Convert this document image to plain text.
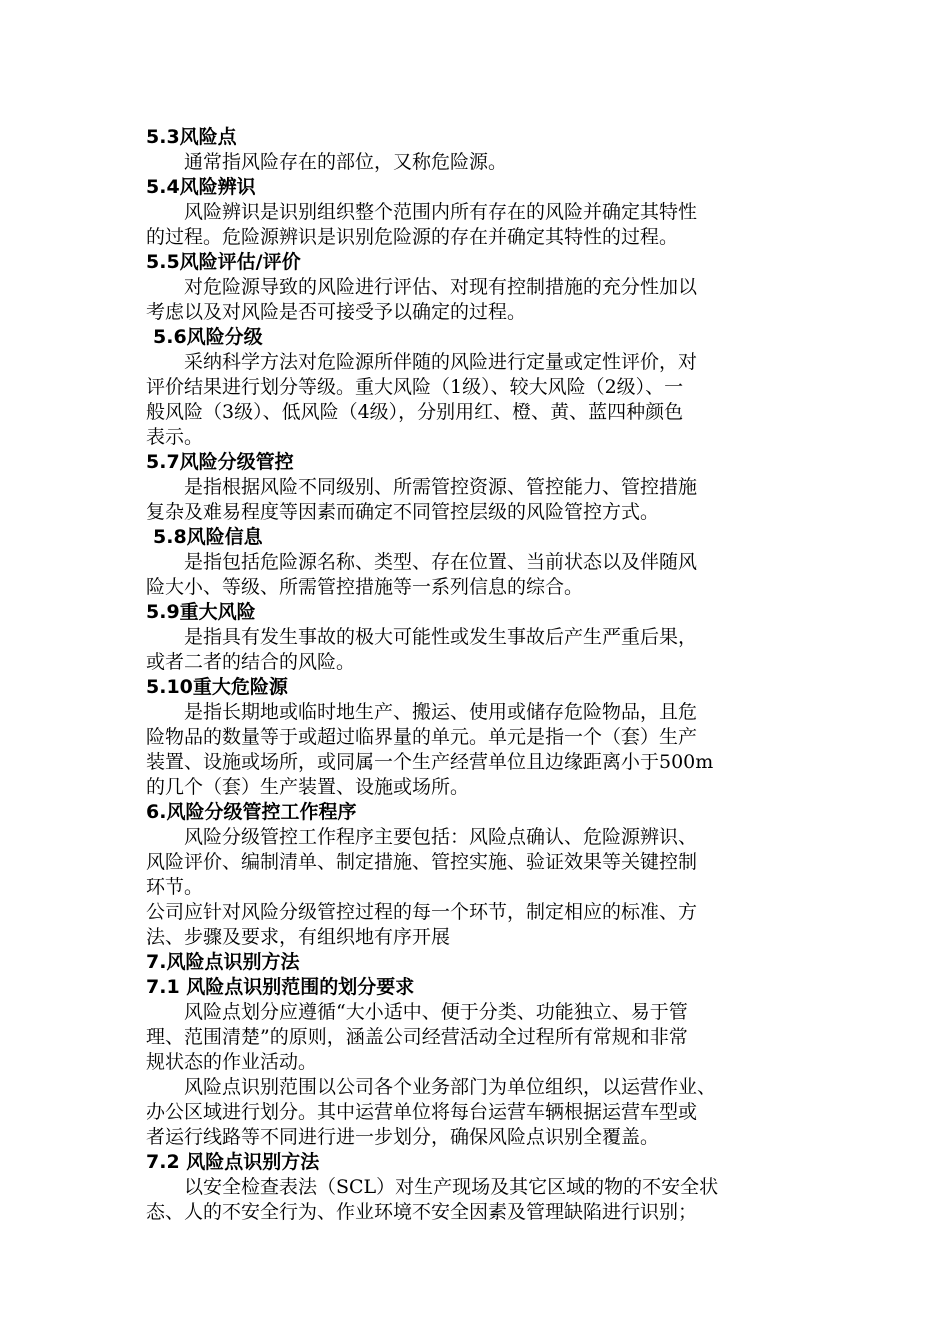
5.3风险点
通常指风险存在的部位，又称危险源。
5.4风险辨识
风险辨识是识别组织整个范围内所有存在的风险并确定其特性
的过程。危险源辨识是识别危险源的存在并确定其特性的过程。
5.5风险评估/评价
对危险源导致的风险进行评估、对现有控制措施的充分性加以
考虑以及对风险是否可接受予以确定的过程。
5.6风险分级
采纳科学方法对危险源所伴随的风险进行定量或定性评价，对
评价结果进行划分等级。重大风险（1级）、较大风险（2级）、一
般风险（3级）、低风险（4级），分别用红、橙、黄、蓝四种颜色
表示。
5.7风险分级管控
是指根据风险不同级别、所需管控资源、管控能力、管控措施
复杂及难易程度等因素而确定不同管控层级的风险管控方式。
5.8风险信息
是指包括危险源名称、类型、存在位置、当前状态以及伴随风
险大小、等级、所需管控措施等一系列信息的综合。
5.9重大风险
是指具有发生事故的极大可能性或发生事故后产生严重后果，
或者二者的结合的风险。
5.10重大危险源
是指长期地或临时地生产、搬运、使用或储存危险物品，且危
险物品的数量等于或超过临界量的单元。单元是指一个（套）生产
装置、设施或场所，或同属一个生产经营单位且边缘距离小于500m
的几个（套）生产装置、设施或场所。
6.风险分级管控工作程序
风险分级管控工作程序主要包括：风险点确认、危险源辨识、
风险评价、编制清单、制定措施、管控实施、验证效果等关键控制
环节。
公司应针对风险分级管控过程的每一个环节，制定相应的标准、方
法、步骤及要求，有组织地有序开展
7.风险点识别方法
7.1 风险点识别范围的划分要求
风险点划分应遵循“大小适中、便于分类、功能独立、易于管
理、范围清楚”的原则，涵盖公司经营活动全过程所有常规和非常
规状态的作业活动。
风险点识别范围以公司各个业务部门为单位组织，以运营作业、
办公区域进行划分。其中运营单位将每台运营车辆根据运营车型或
者运行线路等不同进行进一步划分，确保风险点识别全覆盖。
7.2 风险点识别方法
以安全检查表法（SCL）对生产现场及其它区域的物的不安全状
态、人的不安全行为、作业环境不安全因素及管理缺陷进行识别；
